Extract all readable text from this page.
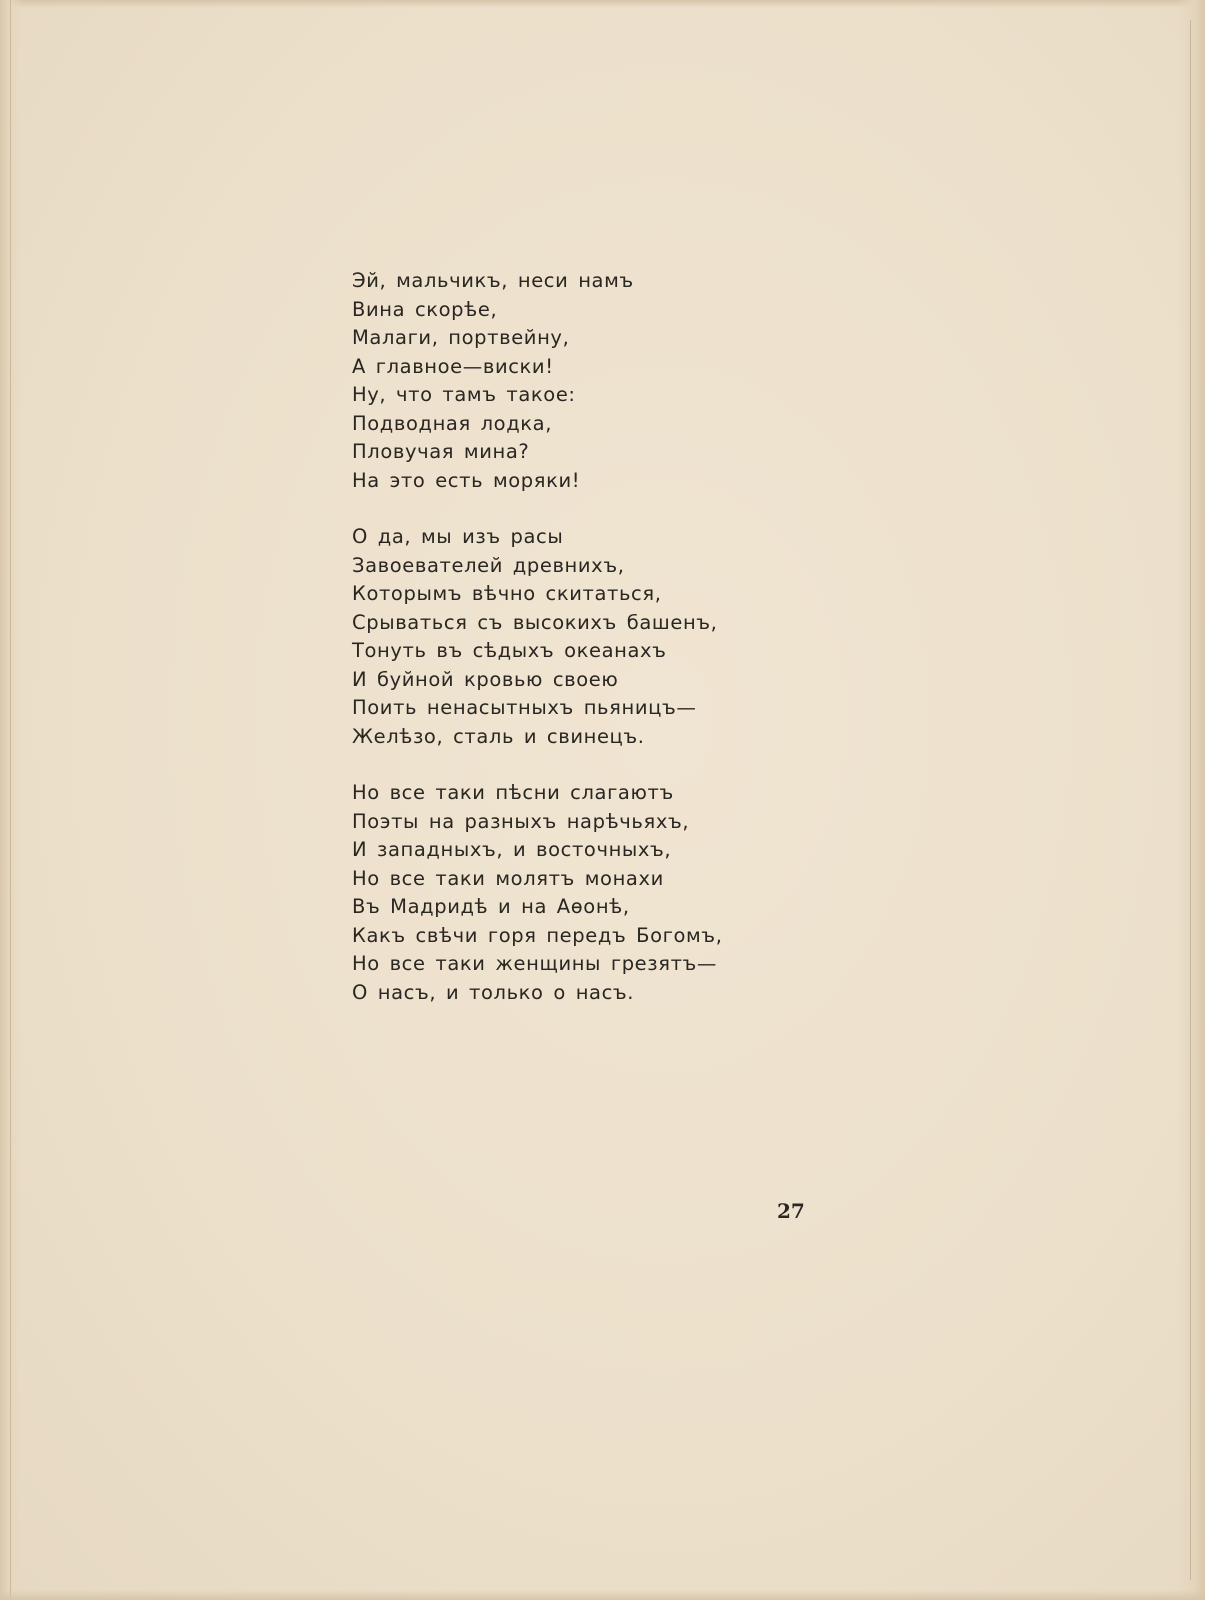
Эй, мальчикъ, неси намъ
Вина скорѣе,
Малаги, портвейну,
А главное—виски!
Ну, что тамъ такое:
Подводная лодка,
Пловучая мина?
На это есть моряки!
О да, мы изъ расы
Завоевателей древнихъ,
Которымъ вѣчно скитаться,
Срываться съ высокихъ башенъ,
Тонуть въ сѣдыхъ океанахъ
И буйной кровью своею
Поить ненасытныхъ пьяницъ—
Желѣзо, сталь и свинецъ.
Но все таки пѣсни слагаютъ
Поэты на разныхъ нарѣчьяхъ,
И западныхъ, и восточныхъ,
Но все таки молятъ монахи
Въ Мадридѣ и на Аѳонѣ,
Какъ свѣчи горя передъ Богомъ,
Но все таки женщины грезятъ—
О насъ, и только о насъ.
27
